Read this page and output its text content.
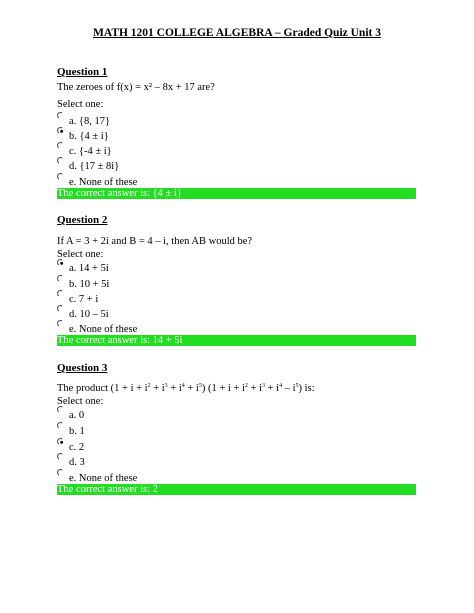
MATH 1201 COLLEGE ALGEBRA – Graded Quiz Unit 3
Question 1
The zeroes of f(x) = x² – 8x + 17 are?
Select one:
a. {8, 17}
b. {4 ± i}
c. {-4 ± i}
d. {17 ± 8i}
e. None of these
The correct answer is: {4 ± i}
Question 2
If A = 3 + 2i and B = 4 – i, then AB would be?
Select one:
a. 14 + 5i
b. 10 + 5i
c. 7 + i
d. 10 – 5i
e. None of these
The correct answer is: 14 + 5i
Question 3
The product $(1 + i + i^2 + i^3 + i^4 + i^5)$ $(1 + i + i^2 + i^3 + i^4 - i^5)$ is:
Select one:
a. 0
b. 1
c. 2
d. 3
e. None of these
The correct answer is: 2
